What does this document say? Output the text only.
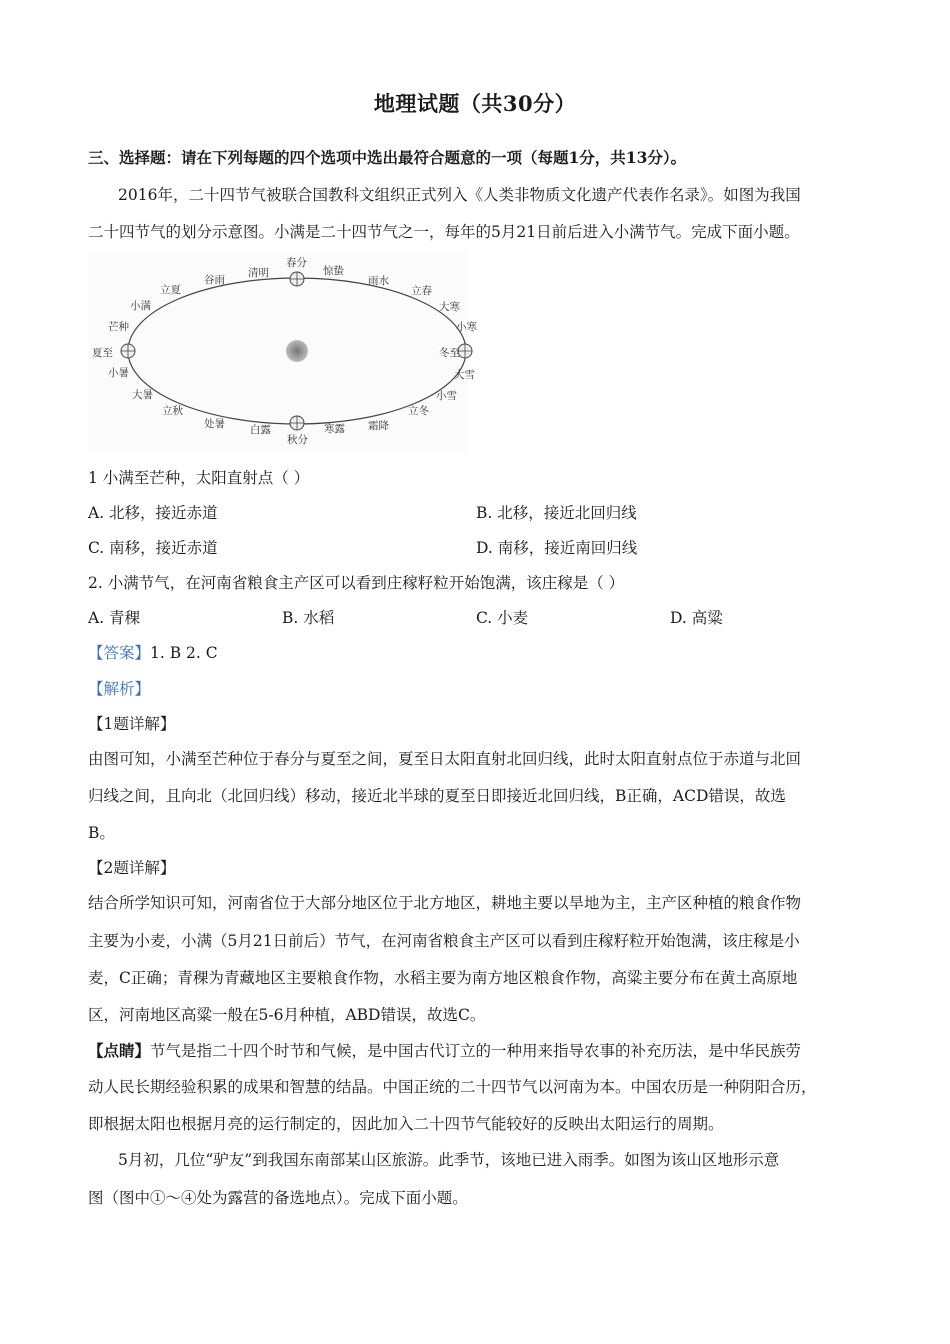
地理试题（共30分）
三、选择题：请在下列每题的四个选项中选出最符合题意的一项（每题1分，共13分）。
2016年，二十四节气被联合国教科文组织正式列入《人类非物质文化遗产代表作名录》。如图为我国
二十四节气的划分示意图。小满是二十四节气之一，每年的5月21日前后进入小满节气。完成下面小题。
春分
惊蛰
雨水
立春
大寒
小寒
冬至
大雪
小雪
立冬
霜降
寒露
秋分
白露
处暑
立秋
大暑
小暑
夏至
芒种
小满
立夏
谷雨
清明
1 小满至芒种，太阳直射点（ ）
A. 北移，接近赤道	B. 北移，接近北回归线
C. 南移，接近赤道	D. 南移，接近南回归线
2. 小满节气，在河南省粮食主产区可以看到庄稼籽粒开始饱满，该庄稼是（ ）
A. 青稞	B. 水稻	C. 小麦	D. 高粱
【答案】1. B 2. C
【解析】
【1题详解】
由图可知，小满至芒种位于春分与夏至之间，夏至日太阳直射北回归线，此时太阳直射点位于赤道与北回
归线之间，且向北（北回归线）移动，接近北半球的夏至日即接近北回归线，B正确，ACD错误，故选
B。
【2题详解】
结合所学知识可知，河南省位于大部分地区位于北方地区，耕地主要以旱地为主，主产区种植的粮食作物
主要为小麦，小满（5月21日前后）节气，在河南省粮食主产区可以看到庄稼籽粒开始饱满，该庄稼是小
麦，C正确；青稞为青藏地区主要粮食作物，水稻主要为南方地区粮食作物，高粱主要分布在黄土高原地
区，河南地区高粱一般在5-6月种植，ABD错误，故选C。
【点睛】节气是指二十四个时节和气候，是中国古代订立的一种用来指导农事的补充历法，是中华民族劳
动人民长期经验积累的成果和智慧的结晶。中国正统的二十四节气以河南为本。中国农历是一种阴阳合历，
即根据太阳也根据月亮的运行制定的，因此加入二十四节气能较好的反映出太阳运行的周期。
5月初，几位“驴友”到我国东南部某山区旅游。此季节，该地已进入雨季。如图为该山区地形示意
图（图中①～④处为露营的备选地点）。完成下面小题。
